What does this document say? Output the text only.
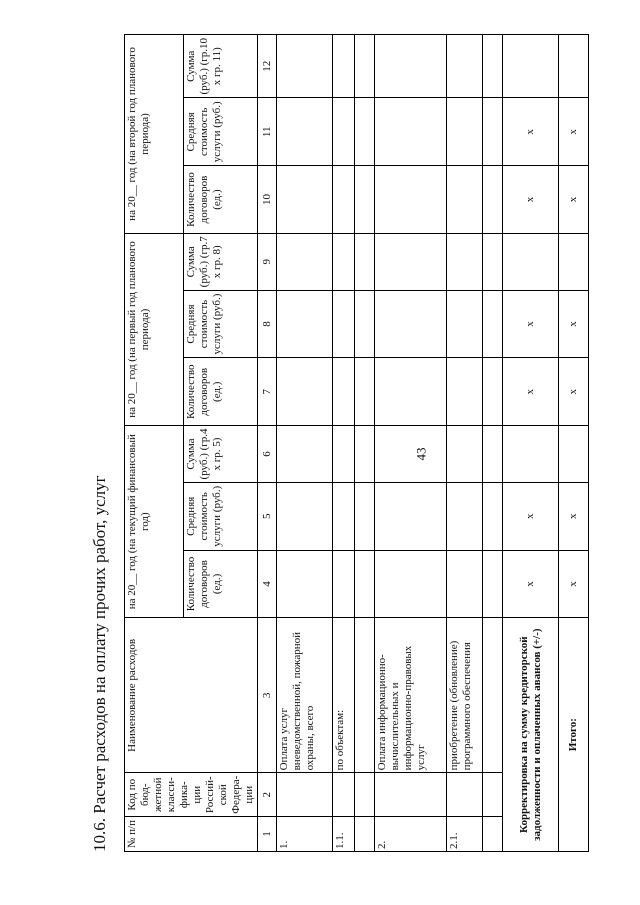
43
10.6. Расчет расходов на оплату прочих работ, услуг	№ п/п	Код по бюд-жетной класси-фика-ции Россий-ской Федера-ции	Наименование расходов	на 20__ год (на текущий финансовый год)			на 20__ год (на первый год планового периода)			на 20__ год (на второй год планового периода)		
			Количество договоров (ед.)	Средняя стоимость услуги (руб.)	Сумма (руб.) (гр.4 х гр. 5)	Количество договоров (ед.)	Средняя стоимость услуги (руб.)	Сумма (руб.) (гр.7 х гр. 8)	Количество договоров (ед.)	Средняя стоимость услуги (руб.)	Сумма (руб.) (гр.10 х гр. 11)
1	2	3	4	5	6	7	8	9	10	11	12
1.		Оплата услуг вневедомственной, пожарной охраны, всего									
1.1.		по объектам:									

2.		Оплата информационно-вычислительных и информационно-правовых услуг									
2.1.		приобретение (обновление) программного обеспечения									

Корректировка на сумму кредиторской задолженности и оплаченных авансов (+/-)			х	х		х	х		х	х	
Итого:			х	х		х	х		х	х	
